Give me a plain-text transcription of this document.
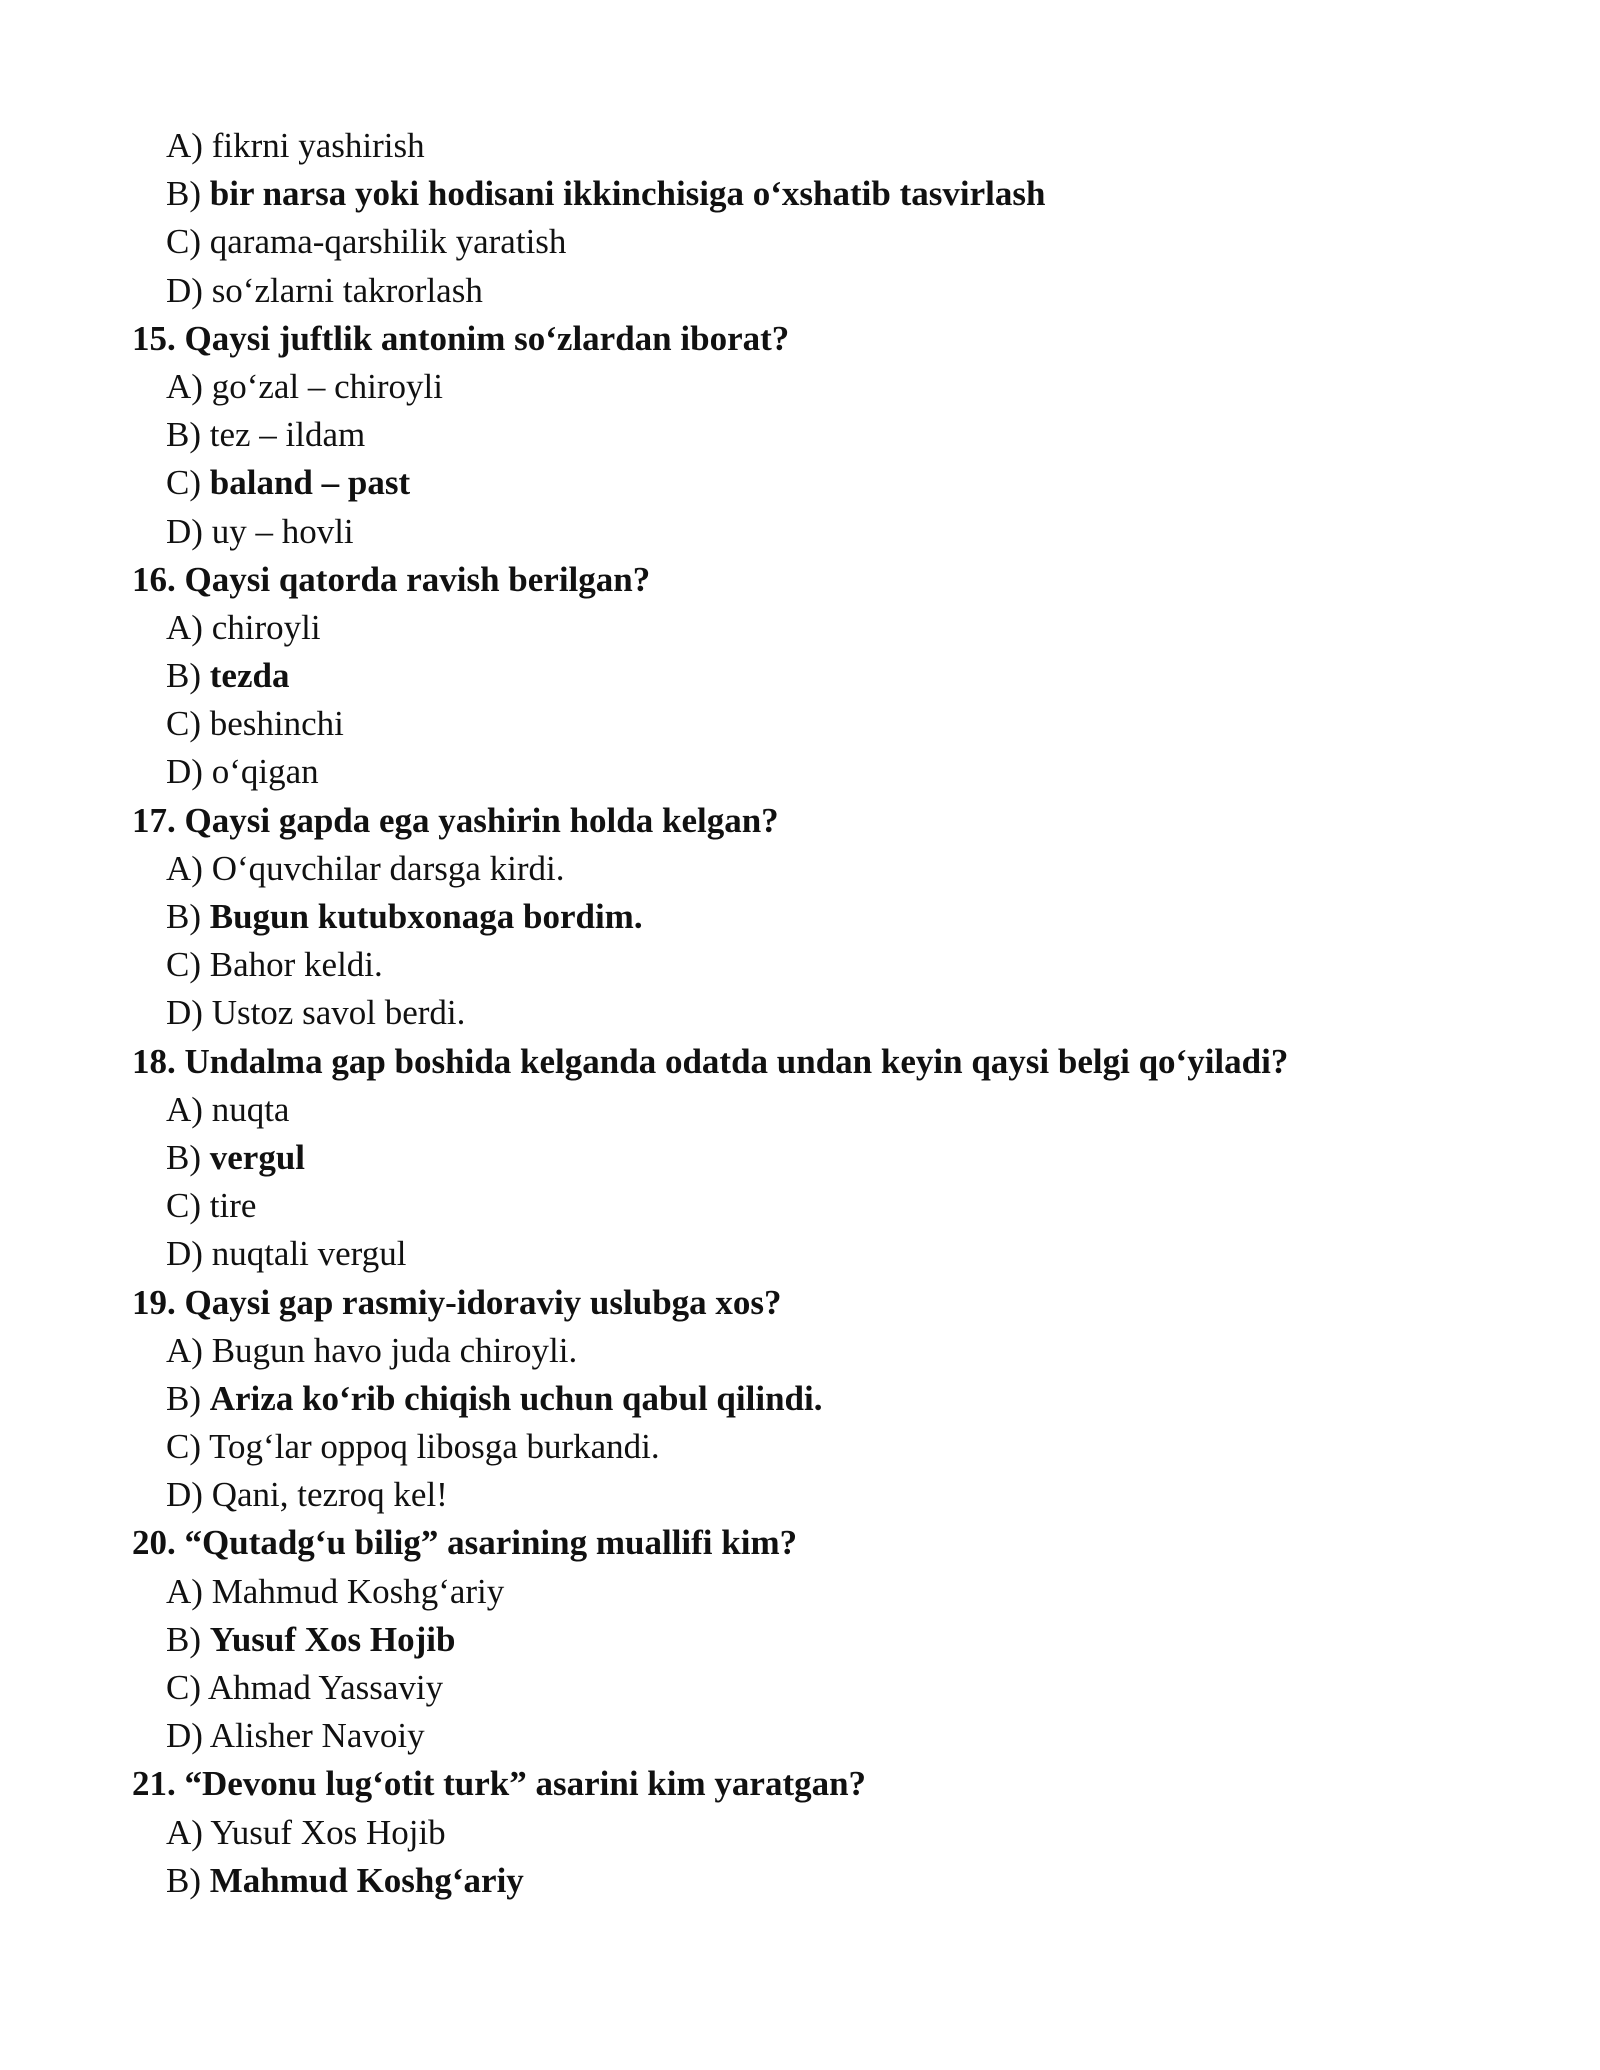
A) fikrni yashirish
B) bir narsa yoki hodisani ikkinchisiga o‘xshatib tasvirlash
C) qarama-qarshilik yaratish
D) so‘zlarni takrorlash
15. Qaysi juftlik antonim so‘zlardan iborat?
A) go‘zal – chiroyli
B) tez – ildam
C) baland – past
D) uy – hovli
16. Qaysi qatorda ravish berilgan?
A) chiroyli
B) tezda
C) beshinchi
D) o‘qigan
17. Qaysi gapda ega yashirin holda kelgan?
A) O‘quvchilar darsga kirdi.
B) Bugun kutubxonaga bordim.
C) Bahor keldi.
D) Ustoz savol berdi.
18. Undalma gap boshida kelganda odatda undan keyin qaysi belgi qo‘yiladi?
A) nuqta
B) vergul
C) tire
D) nuqtali vergul
19. Qaysi gap rasmiy-idoraviy uslubga xos?
A) Bugun havo juda chiroyli.
B) Ariza ko‘rib chiqish uchun qabul qilindi.
C) Tog‘lar oppoq libosga burkandi.
D) Qani, tezroq kel!
20. “Qutadg‘u bilig” asarining muallifi kim?
A) Mahmud Koshg‘ariy
B) Yusuf Xos Hojib
C) Ahmad Yassaviy
D) Alisher Navoiy
21. “Devonu lug‘otit turk” asarini kim yaratgan?
A) Yusuf Xos Hojib
B) Mahmud Koshg‘ariy
